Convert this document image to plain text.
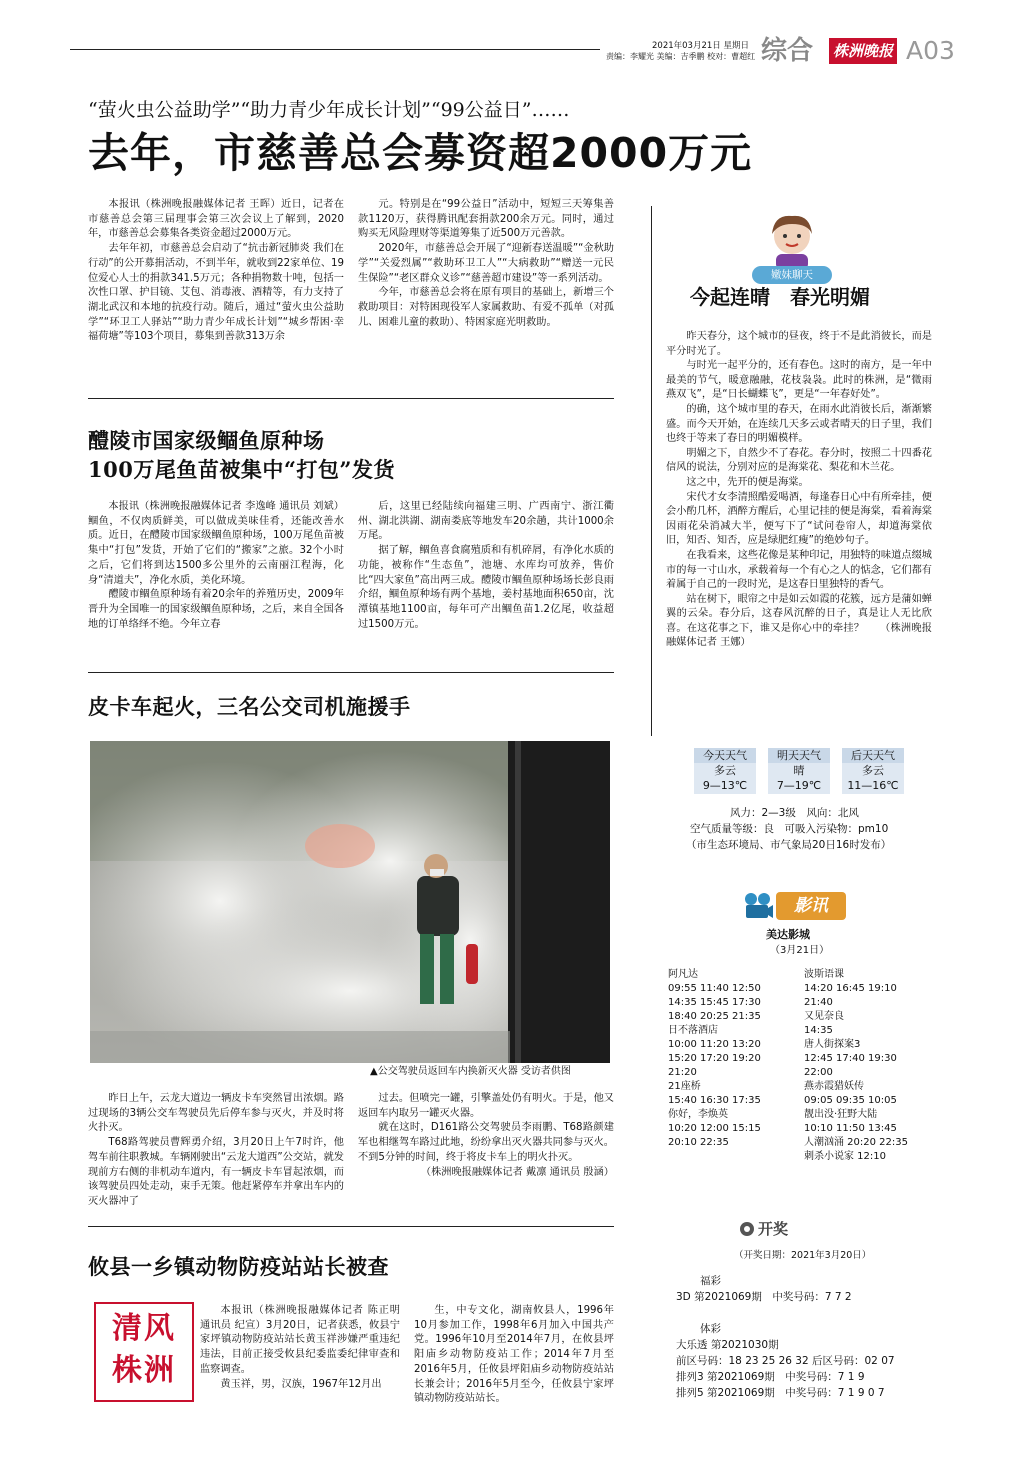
2021年03月21日 星期日
责编：李耀光 美编：吉季鹏 校对：曹超红 综合 株洲晚报 A03
“萤火虫公益助学”“助力青少年成长计划”“99公益日”……
去年，市慈善总会募资超2000万元

本报讯（株洲晚报融媒体记者 王晖）近日，记者在市慈善总会第三届理事会第三次会议上了解到，2020年，市慈善总会募集各类资金超过2000万元。

去年年初，市慈善总会启动了“抗击新冠肺炎 我们在行动”的公开募捐活动，不到半年，就收到22家单位、19位爱心人士的捐款341.5万元；各种捐物数十吨，包括一次性口罩、护目镜、艾包、消毒液、酒精等，有力支持了湖北武汉和本地的抗疫行动。随后，通过“萤火虫公益助学”“环卫工人驿站”“助力青少年成长计划”“城乡帮困·幸福荷塘”等103个项目，募集到善款313万余

元。特别是在“99公益日”活动中，短短三天筹集善款1120万，获得腾讯配套捐款200余万元。同时，通过购买无风险理财等渠道筹集了近500万元善款。

2020年，市慈善总会开展了“迎新春送温暖”“金秋助学”“关爱烈属”“救助环卫工人”“大病救助”“赠送一元民生保险”“老区群众义诊”“慈善超市建设”等一系列活动。

今年，市慈善总会将在原有项目的基础上，新增三个救助项目：对特困现役军人家属救助、有爱不孤单（对孤儿、困难儿童的救助）、特困家庭光明救助。

醴陵市国家级鲴鱼原种场
100万尾鱼苗被集中“打包”发货

本报讯（株洲晚报融媒体记者 李逸峰 通讯员 刘斌）鲴鱼，不仅肉质鲜美，可以做成美味佳肴，还能改善水质。近日，在醴陵市国家级鲴鱼原种场，100万尾鱼苗被集中“打包”发货，开始了它们的“搬家”之旅。32个小时之后，它们将到达1500多公里外的云南丽江程海，化身“清道夫”，净化水质，美化环境。

醴陵市鲴鱼原种场有着20余年的养殖历史，2009年晋升为全国唯一的国家级鲴鱼原种场，之后，来自全国各地的订单络绎不绝。今年立春

后，这里已经陆续向福建三明、广西南宁、浙江衢州、湖北洪湖、湖南娄底等地发车20余趟，共计1000余万尾。

据了解，鲴鱼喜食腐殖质和有机碎屑，有净化水质的功能，被称作“生态鱼”，池塘、水库均可放养，售价比“四大家鱼”高出两三成。醴陵市鲴鱼原种场场长彭良雨介绍，鲴鱼原种场有两个基地，姜村基地面积650亩，沈潭镇基地1100亩，每年可产出鲴鱼苗1.2亿尾，收益超过1500万元。

皮卡车起火，三名公交司机施援手
▲公交驾驶员返回车内换新灭火器 受访者供图

昨日上午，云龙大道边一辆皮卡车突然冒出浓烟。路过现场的3辆公交车驾驶员先后停车参与灭火，并及时将火扑灭。

T68路驾驶员曹辉勇介绍，3月20日上午7时许，他驾车前往职教城。车辆刚驶出“云龙大道西”公交站，就发现前方右侧的非机动车道内，有一辆皮卡车冒起浓烟，而该驾驶员四处走动，束手无策。他赶紧停车并拿出车内的灭火器冲了

过去。但喷完一罐，引擎盖处仍有明火。于是，他又返回车内取另一罐灭火器。

就在这时，D161路公交驾驶员李雨鹏、T68路颜建军也相继驾车路过此地，纷纷拿出灭火器共同参与灭火。不到5分钟的时间，终于将皮卡车上的明火扑灭。

（株洲晚报融媒体记者 戴凛 通讯员 殷涵）

攸县一乡镇动物防疫站站长被查
清风株洲

本报讯（株洲晚报融媒体记者 陈正明 通讯员 纪宣）3月20日，记者获悉，攸县宁家坪镇动物防疫站站长黄玉祥涉嫌严重违纪违法，目前正接受攸县纪委监委纪律审查和监察调查。

黄玉祥，男，汉族，1967年12月出

生，中专文化，湖南攸县人，1996年10月参加工作，1998年6月加入中国共产党。1996年10月至2014年7月，在攸县坪阳庙乡动物防疫站工作；2014年7月至2016年5月，任攸县坪阳庙乡动物防疫站站长兼会计；2016年5月至今，任攸县宁家坪镇动物防疫站站长。

嫩妹聊天
今起连晴　春光明媚

昨天春分，这个城市的昼夜，终于不是此消彼长，而是平分时光了。

与时光一起平分的，还有春色。这时的南方，是一年中最美的节气，暖意融融，花枝袅袅。此时的株洲，是“微雨燕双飞”，是“日长蝴蝶飞”，更是“一年春好处”。

的确，这个城市里的春天，在雨水此消彼长后，渐渐繁盛。而今天开始，在连续几天多云或者晴天的日子里，我们也终于等来了春日的明媚模样。

明媚之下，自然少不了春花。春分时，按照二十四番花信风的说法，分别对应的是海棠花、梨花和木兰花。

这之中，先开的便是海棠。

宋代才女李清照酷爱喝酒，每逢春日心中有所牵挂，便会小酌几杯，酒醉方醒后，心里记挂的便是海棠，看着海棠因雨花朵消减大半，便写下了“试问卷帘人，却道海棠依旧，知否、知否，应是绿肥红瘦”的绝妙句子。

在我看来，这些花像是某种印记，用独特的味道点缀城市的每一寸山水，承载着每一个有心之人的惦念，它们都有着属于自己的一段时光，是这春日里独特的香气。

站在树下，眼帘之中是如云如霞的花簇，远方是蒲如蝉翼的云朵。春分后，这春风沉醉的日子，真是让人无比欣喜。在这花事之下，谁又是你心中的牵挂？　　（株洲晚报融媒体记者 王娜）

今天天气
多云
9—13℃
明天天气
晴
7—19℃
后天天气
多云
11—16℃
风力：2—3级　风向：北风
空气质量等级：良　可吸入污染物：pm10
（市生态环境局、市气象局20日16时发布）
影讯
美达影城
（3月21日）
阿凡达
09:55 11:40 12:50
14:35 15:45 17:30
18:40 20:25 21:35
日不落酒店
10:00 11:20 13:20
15:20 17:20 19:20
21:20
21座桥
15:40 16:30 17:35
你好，李焕英
10:20 12:00 15:15
20:10 22:35
波斯语课
14:20 16:45 19:10
21:40
又见奈良
14:35
唐人街探案3
12:45 17:40 19:30
22:00
燕赤霞猎妖传
09:05 09:35 10:05
靓出没·狂野大陆
10:10 11:50 13:45
人潮汹涌 20:20 22:35
刺杀小说家 12:10
开奖
（开奖日期：2021年3月20日）
福彩
3D 第2021069期　中奖号码：7 7 2
体彩
大乐透 第2021030期
前区号码：18 23 25 26 32 后区号码：02 07
排列3 第2021069期　中奖号码：7 1 9
排列5 第2021069期　中奖号码：7 1 9 0 7
